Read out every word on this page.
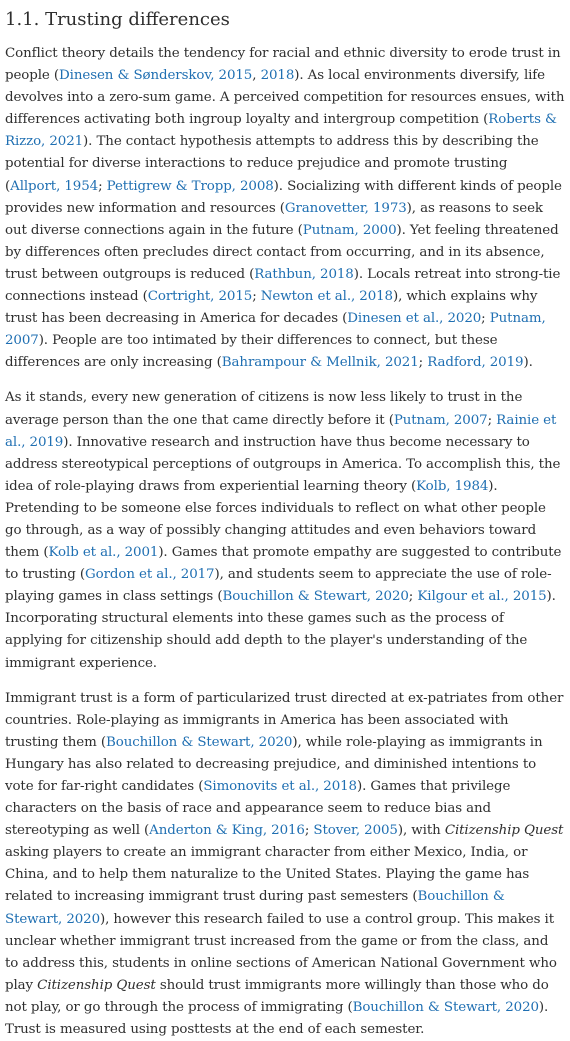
1.1. Trusting differences

Conflict theory details the tendency for racial and ethnic diversity to erode trust in people (Dinesen & Sønderskov, 2015, 2018). As local environments diversify, life devolves into a zero-sum game. A perceived competition for resources ensues, with differences activating both ingroup loyalty and intergroup competition (Roberts & Rizzo, 2021). The contact hypothesis attempts to address this by describing the potential for diverse interactions to reduce prejudice and promote trusting (Allport, 1954; Pettigrew & Tropp, 2008). Socializing with different kinds of people provides new information and resources (Granovetter, 1973), as reasons to seek out diverse connections again in the future (Putnam, 2000). Yet feeling threatened by differences often precludes direct contact from occurring, and in its absence, trust between outgroups is reduced (Rathbun, 2018). Locals retreat into strong-tie connections instead (Cortright, 2015; Newton et al., 2018), which explains why trust has been decreasing in America for decades (Dinesen et al., 2020; Putnam, 2007). People are too intimated by their differences to connect, but these differences are only increasing (Bahrampour & Mellnik, 2021; Radford, 2019).

As it stands, every new generation of citizens is now less likely to trust in the average person than the one that came directly before it (Putnam, 2007; Rainie et al., 2019). Innovative research and instruction have thus become necessary to address stereotypical perceptions of outgroups in America. To accomplish this, the idea of role-playing draws from experiential learning theory (Kolb, 1984). Pretending to be someone else forces individuals to reflect on what other people go through, as a way of possibly changing attitudes and even behaviors toward them (Kolb et al., 2001). Games that promote empathy are suggested to contribute to trusting (Gordon et al., 2017), and students seem to appreciate the use of role-playing games in class settings (Bouchillon & Stewart, 2020; Kilgour et al., 2015). Incorporating structural elements into these games such as the process of applying for citizenship should add depth to the player's understanding of the immigrant experience.

Immigrant trust is a form of particularized trust directed at ex-patriates from other countries. Role-playing as immigrants in America has been associated with trusting them (Bouchillon & Stewart, 2020), while role-playing as immigrants in Hungary has also related to decreasing prejudice, and diminished intentions to vote for far-right candidates (Simonovits et al., 2018). Games that privilege characters on the basis of race and appearance seem to reduce bias and stereotyping as well (Anderton & King, 2016; Stover, 2005), with Citizenship Quest asking players to create an immigrant character from either Mexico, India, or China, and to help them naturalize to the United States. Playing the game has related to increasing immigrant trust during past semesters (Bouchillon & Stewart, 2020), however this research failed to use a control group. This makes it unclear whether immigrant trust increased from the game or from the class, and to address this, students in online sections of American National Government who play Citizenship Quest should trust immigrants more willingly than those who do not play, or go through the process of immigrating (Bouchillon & Stewart, 2020). Trust is measured using posttests at the end of each semester.
